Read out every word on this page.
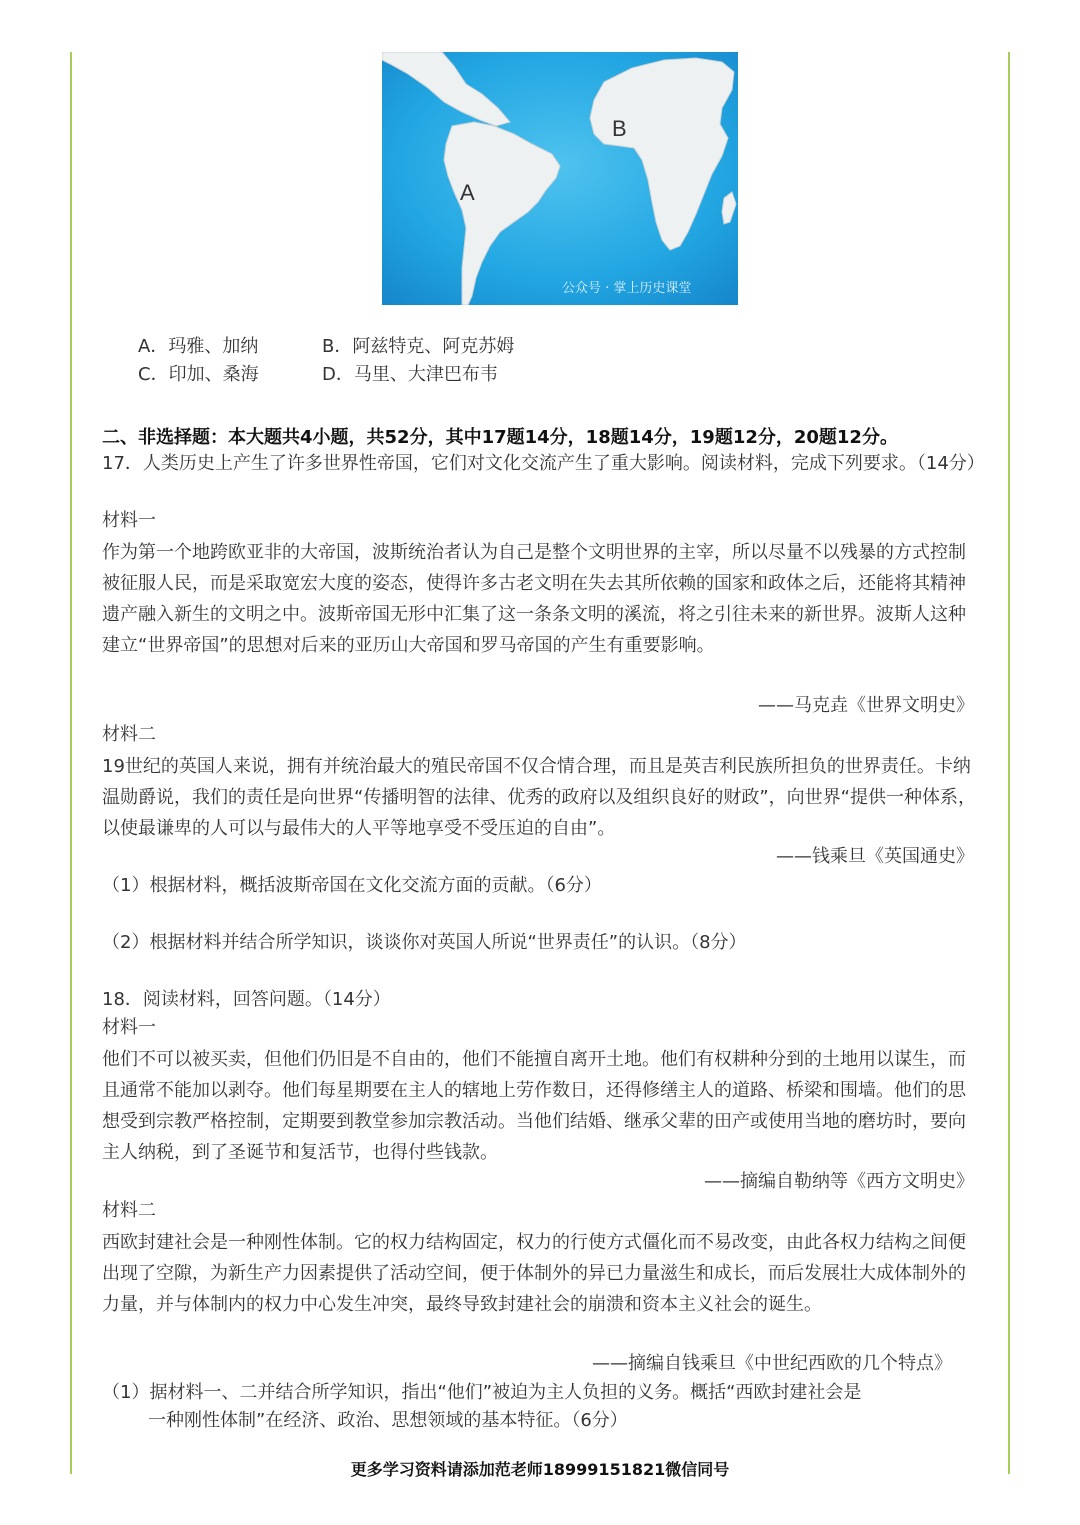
A
B
公众号 · 掌上历史课堂
A．玛雅、加纳	B．阿兹特克、阿克苏姆
C．印加、桑海	D．马里、大津巴布韦
二、非选择题：本大题共4小题，共52分，其中17题14分，18题14分，19题12分，20题12分。
17．人类历史上产生了许多世界性帝国，它们对文化交流产生了重大影响。阅读材料，完成下列要求。（14分）
材料一
作为第一个地跨欧亚非的大帝国，波斯统治者认为自己是整个文明世界的主宰，所以尽量不以残暴的方式控制被征服人民，而是采取宽宏大度的姿态，使得许多古老文明在失去其所依赖的国家和政体之后，还能将其精神遗产融入新生的文明之中。波斯帝国无形中汇集了这一条条文明的溪流，将之引往未来的新世界。波斯人这种建立“世界帝国”的思想对后来的亚历山大帝国和罗马帝国的产生有重要影响。
——马克垚《世界文明史》
材料二
19世纪的英国人来说，拥有并统治最大的殖民帝国不仅合情合理，而且是英吉利民族所担负的世界责任。卡纳温勋爵说，我们的责任是向世界“传播明智的法律、优秀的政府以及组织良好的财政”，向世界“提供一种体系，以使最谦卑的人可以与最伟大的人平等地享受不受压迫的自由”。
——钱乘旦《英国通史》
（1）根据材料，概括波斯帝国在文化交流方面的贡献。（6分）
（2）根据材料并结合所学知识，谈谈你对英国人所说“世界责任”的认识。（8分）
18．阅读材料，回答问题。（14分）
材料一
他们不可以被买卖，但他们仍旧是不自由的，他们不能擅自离开土地。他们有权耕种分到的土地用以谋生，而且通常不能加以剥夺。他们每星期要在主人的辖地上劳作数日，还得修缮主人的道路、桥梁和围墙。他们的思想受到宗教严格控制，定期要到教堂参加宗教活动。当他们结婚、继承父辈的田产或使用当地的磨坊时，要向主人纳税，到了圣诞节和复活节，也得付些钱款。
——摘编自勒纳等《西方文明史》
材料二
西欧封建社会是一种刚性体制。它的权力结构固定，权力的行使方式僵化而不易改变，由此各权力结构之间便出现了空隙，为新生产力因素提供了活动空间，便于体制外的异已力量滋生和成长，而后发展壮大成体制外的力量，并与体制内的权力中心发生冲突，最终导致封建社会的崩溃和资本主义社会的诞生。
——摘编自钱乘旦《中世纪西欧的几个特点》
（1）据材料一、二并结合所学知识，指出“他们”被迫为主人负担的义务。概括“西欧封建社会是
一种刚性体制”在经济、政治、思想领域的基本特征。（6分）
更多学习资料请添加范老师18999151821微信同号
